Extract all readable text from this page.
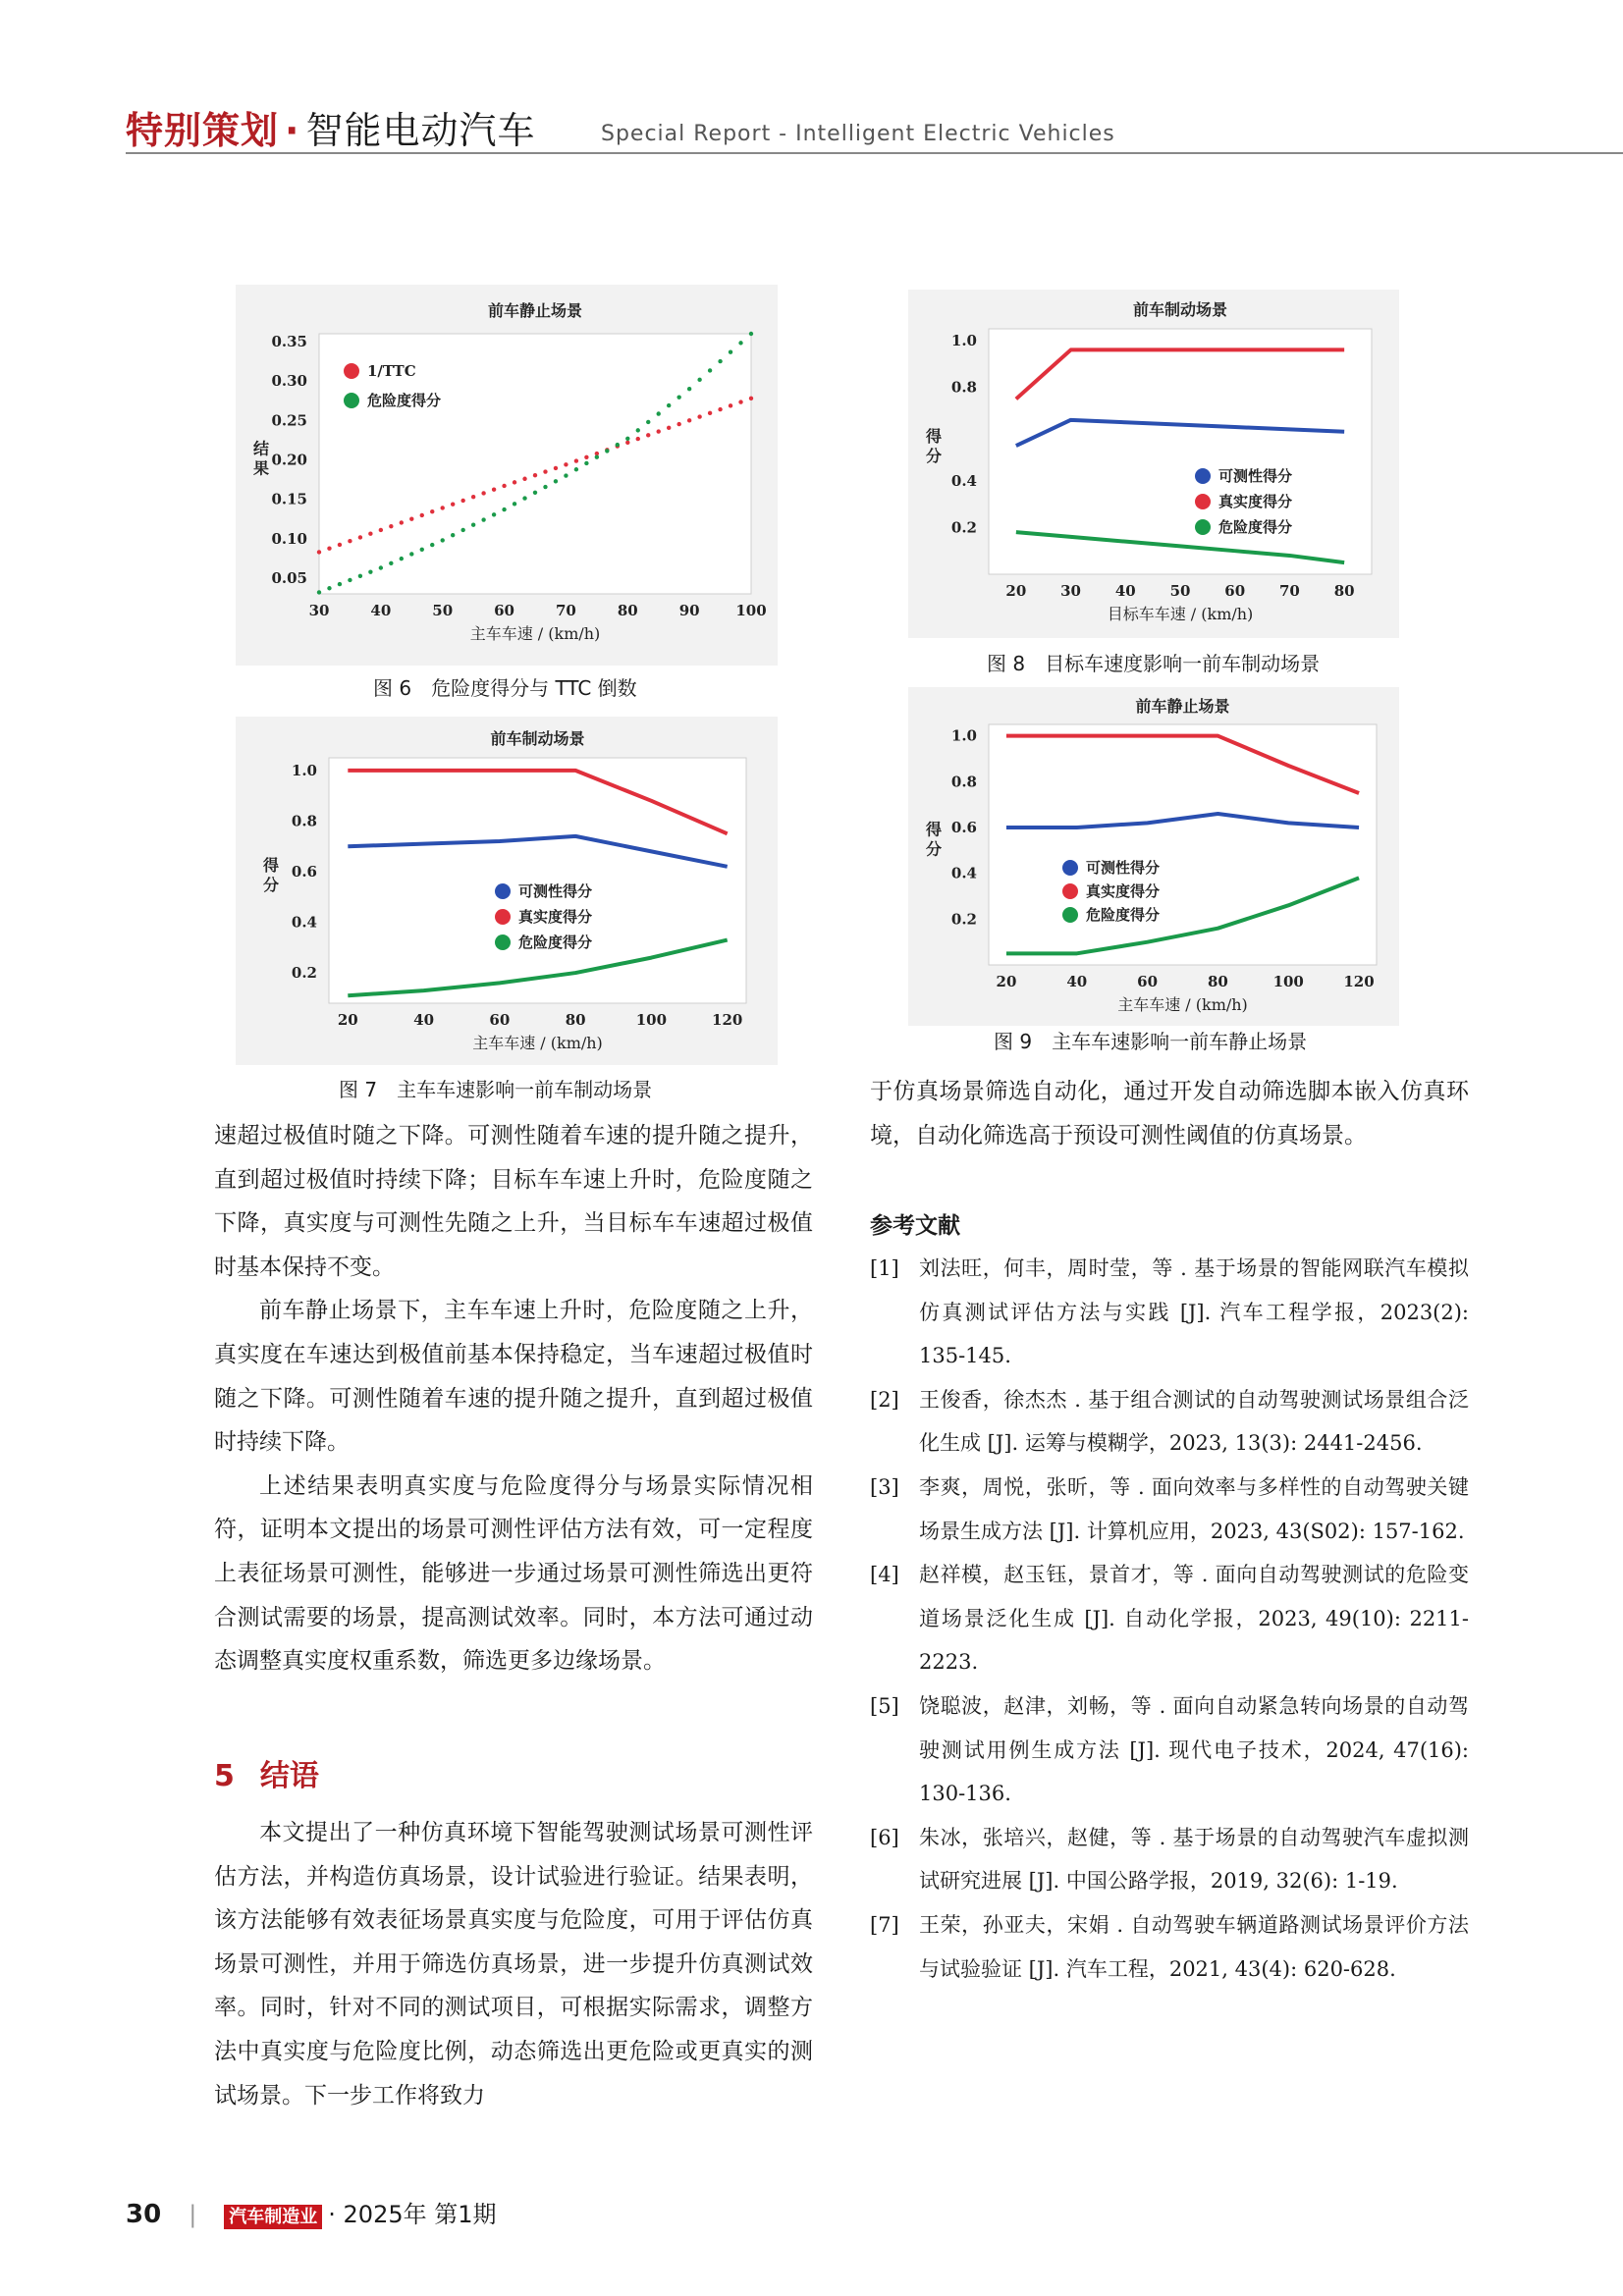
特别策划 · 智能电动汽车	Special Report - Intelligent Electric Vehicles
前车静止场景
30	40	50	60	70	80	90 100
0.05
0.10
0.15
0.20
0.25
0.30
0.35
主车车速 / (km/h)
结果
1/TTC
危险度得分
图 6　危险度得分与 TTC 倒数
前车制动场景
20	40	60	80	100	120
0.2
0.4
0.6
0.8
1.0
主车车速 / (km/h)
得分	可测性得分
真实度得分
危险度得分
图 7　主车车速影响一前车制动场景
前车制动场景
20 30 40 50 60 70 80
0.2
0.4
0.8
1.0
目标车车速 / (km/h)
得分
可测性得分
真实度得分
危险度得分
图 8　目标车速度影响一前车制动场景
前车静止场景
20	40	60	80	100	120
0.2
0.4
0.6
0.8
1.0
主车车速 / (km/h)
得分
可测性得分
真实度得分
危险度得分
图 9　主车车速影响一前车静止场景

速超过极值时随之下降。可测性随着车速的提升随之提升，直到超过极值时持续下降；目标车车速上升时，危险度随之下降，真实度与可测性先随之上升，当目标车车速超过极值时基本保持不变。

前车静止场景下，主车车速上升时，危险度随之上升，真实度在车速达到极值前基本保持稳定，当车速超过极值时随之下降。可测性随着车速的提升随之提升，直到超过极值时持续下降。

上述结果表明真实度与危险度得分与场景实际情况相符，证明本文提出的场景可测性评估方法有效，可一定程度上表征场景可测性，能够进一步通过场景可测性筛选出更符合测试需要的场景，提高测试效率。同时，本方法可通过动态调整真实度权重系数，筛选更多边缘场景。

5 结语

本文提出了一种仿真环境下智能驾驶测试场景可测性评估方法，并构造仿真场景，设计试验进行验证。结果表明，该方法能够有效表征场景真实度与危险度，可用于评估仿真场景可测性，并用于筛选仿真场景，进一步提升仿真测试效率。同时，针对不同的测试项目，可根据实际需求，调整方法中真实度与危险度比例，动态筛选出更危险或更真实的测试场景。下一步工作将致力

于仿真场景筛选自动化，通过开发自动筛选脚本嵌入仿真环境，自动化筛选高于预设可测性阈值的仿真场景。

参考文献
[1] 刘法旺，何丰，周时莹，等 . 基于场景的智能网联汽车模拟仿真测试评估方法与实践 [J]. 汽车工程学报，2023(2): 135-145.
[2] 王俊香，徐杰杰 . 基于组合测试的自动驾驶测试场景组合泛化生成 [J]. 运筹与模糊学，2023, 13(3): 2441-2456.
[3] 李爽，周悦，张昕，等 . 面向效率与多样性的自动驾驶关键场景生成方法 [J]. 计算机应用，2023, 43(S02): 157-162.
[4] 赵祥模，赵玉钰，景首才，等 . 面向自动驾驶测试的危险变道场景泛化生成 [J]. 自动化学报，2023, 49(10): 2211-2223.
[5] 饶聪波，赵津，刘畅，等 . 面向自动紧急转向场景的自动驾驶测试用例生成方法 [J]. 现代电子技术，2024, 47(16): 130-136.
[6] 朱冰，张培兴，赵健，等 . 基于场景的自动驾驶汽车虚拟测试研究进展 [J]. 中国公路学报，2019, 32(6): 1-19.
[7] 王荣，孙亚夫，宋娟 . 自动驾驶车辆道路测试场景评价方法与试验验证 [J]. 汽车工程，2021, 43(4): 620-628.
30 | 汽车制造业 · 2025年 第1期
